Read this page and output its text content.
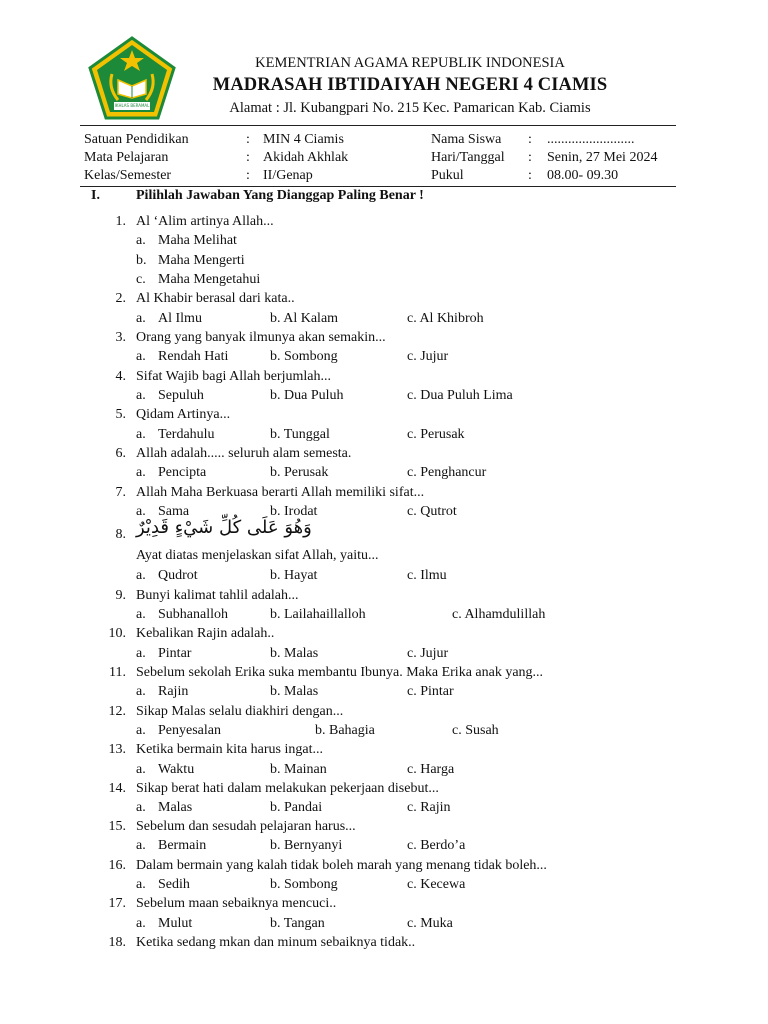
IKHLAS BERAMAL
KEMENTRIAN AGAMA REPUBLIK INDONESIA
MADRASAH IBTIDAIYAH NEGERI 4 CIAMIS
Alamat : Jl. Kubangpari No. 215 Kec. Pamarican Kab. Ciamis
Satuan Pendidikan	: MIN 4 Ciamis
Mata Pelajaran	: Akidah Akhlak
Kelas/Semester	: II/Genap
Nama Siswa : .........................
Hari/Tanggal : Senin, 27 Mei 2024
Pukul	: 08.00- 09.30
I.	Pilihlah Jawaban Yang Dianggap Paling Benar !
1. Al ‘Alim artinya Allah...
a. Maha Melihat
b. Maha Mengerti
c. Maha Mengetahui
2. Al Khabir berasal dari kata..
a. Al Ilmu	b. Al Kalam	c. Al Khibroh
3. Orang yang banyak ilmunya akan semakin...
a. Rendah Hati	b. Sombong	c. Jujur
4. Sifat Wajib bagi Allah berjumlah...
a. Sepuluh	b. Dua Puluh	c. Dua Puluh Lima
5. Qidam Artinya...
a. Terdahulu	b. Tunggal	c. Perusak
6. Allah adalah..... seluruh alam semesta.
a. Pencipta	b. Perusak	c. Penghancur
7. Allah Maha Berkuasa berarti Allah memiliki sifat...
a. Sama	b. Irodat	c. Qutrot
8. وَهُوَ عَلَى كُلِّ شَيْءٍ قَدِيْرٌ
Ayat diatas menjelaskan sifat Allah, yaitu...
a. Qudrot	b. Hayat	c. Ilmu
9. Bunyi kalimat tahlil adalah...
a. Subhanalloh	b. Lailahaillalloh	c. Alhamdulillah
10. Kebalikan Rajin adalah..
a. Pintar	b. Malas	c. Jujur
11. Sebelum sekolah Erika suka membantu Ibunya. Maka Erika anak yang...
a. Rajin	b. Malas	c. Pintar
12. Sikap Malas selalu diakhiri dengan...
a. Penyesalan	b. Bahagia	c. Susah
13. Ketika bermain kita harus ingat...
a. Waktu	b. Mainan	c. Harga
14. Sikap berat hati dalam melakukan pekerjaan disebut...
a. Malas	b. Pandai	c. Rajin
15. Sebelum dan sesudah pelajaran harus...
a. Bermain	b. Bernyanyi	c. Berdo’a
16. Dalam bermain yang kalah tidak boleh marah yang menang tidak boleh...
a. Sedih	b. Sombong	c. Kecewa
17. Sebelum maan sebaiknya mencuci..
a. Mulut	b. Tangan	c. Muka
18. Ketika sedang mkan dan minum sebaiknya tidak..
